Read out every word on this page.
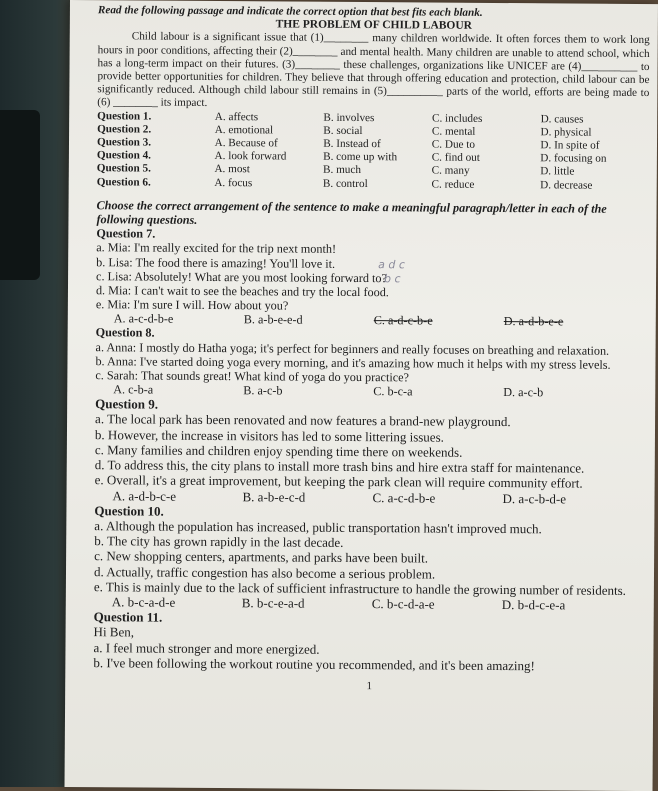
Read the following passage and indicate the correct option that best fits each blank.
THE PROBLEM OF CHILD LABOUR
Child labour is a significant issue that (1)________ many children worldwide. It often forces them to work long hours in poor conditions, affecting their (2)________ and mental health. Many children are unable to attend school, which has a long-term impact on their futures. (3)________ these challenges, organizations like UNICEF are (4)__________ to provide better opportunities for children. They believe that through offering education and protection, child labour can be significantly reduced. Although child labour still remains in (5)__________ parts of the world, efforts are being made to (6) ________ its impact.
Question 1.	A. affects	B. involves	C. includes	D. causes
Question 2.	A. emotional	B. social	C. mental	D. physical
Question 3.	A. Because of	B. Instead of	C. Due to	D. In spite of
Question 4.	A. look forward	B. come up with	C. find out	D. focusing on
Question 5.	A. most	B. much	C. many	D. little
Question 6.	A. focus	B. control	C. reduce	D. decrease
Choose the correct arrangement of the sentence to make a meaningful paragraph/letter in each of the following questions.
Question 7.
a. Mia: I'm really excited for the trip next month!
b. Lisa: The food there is amazing! You'll love it.
c. Lisa: Absolutely! What are you most looking forward to?
d. Mia: I can't wait to see the beaches and try the local food.
e. Mia: I'm sure I will. How about you?
A. a-c-d-b-e	B. a-b-e-e-d	C. a-d-c-b-e	D. a-d-b-e-e
Question 8.
a. Anna: I mostly do Hatha yoga; it's perfect for beginners and really focuses on breathing and relaxation.
b. Anna: I've started doing yoga every morning, and it's amazing how much it helps with my stress levels.
c. Sarah: That sounds great! What kind of yoga do you practice?
A. c-b-a	B. a-c-b	C. b-c-a	D. a-c-b
Question 9.
a. The local park has been renovated and now features a brand-new playground.
b. However, the increase in visitors has led to some littering issues.
c. Many families and children enjoy spending time there on weekends.
d. To address this, the city plans to install more trash bins and hire extra staff for maintenance.
e. Overall, it's a great improvement, but keeping the park clean will require community effort.
A. a-d-b-c-e	B. a-b-e-c-d	C. a-c-d-b-e	D. a-c-b-d-e
Question 10.
a. Although the population has increased, public transportation hasn't improved much.
b. The city has grown rapidly in the last decade.
c. New shopping centers, apartments, and parks have been built.
d. Actually, traffic congestion has also become a serious problem.
e. This is mainly due to the lack of sufficient infrastructure to handle the growing number of residents.
A. b-c-a-d-e	B. b-c-e-a-d	C. b-c-d-a-e	D. b-d-c-e-a
Question 11.
Hi Ben,
a. I feel much stronger and more energized.
b. I've been following the workout routine you recommended, and it's been amazing!
1
a d c
b c
